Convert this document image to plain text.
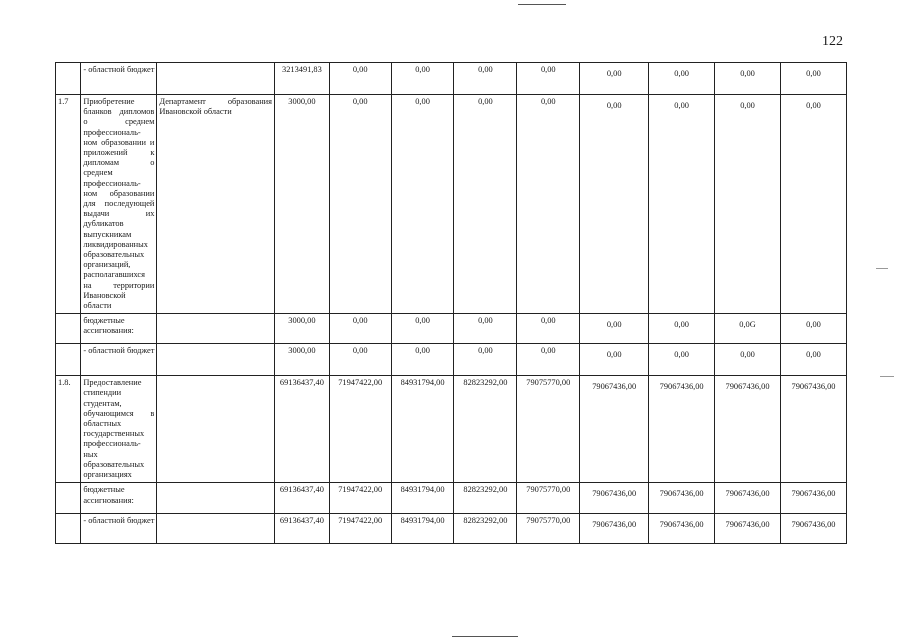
122
	- областной бюджет		3213491,83	0,00	0,00	0,00	0,00	0,00	0,00	0,00	0,00
1.7	Приобретение бланков дипломов о среднем профессиональ-ном образовании и приложений к дипломам о среднем профессиональ-ном образовании для последующей выдачи их дубликатов выпускникам ликвидированных образовательных организаций, располагавшихся на территории Ивановской области	Департамент образования Ивановской области	3000,00	0,00	0,00	0,00	0,00	0,00	0,00	0,00	0,00
	бюджетные ассигнования:		3000,00	0,00	0,00	0,00	0,00	0,00	0,00	0,0G	0,00
	- областной бюджет		3000,00	0,00	0,00	0,00	0,00	0,00	0,00	0,00	0,00
1.8.	Предоставление стипендии студентам, обучающимся в областных государственных профессиональ-ных образовательных организациях		69136437,40	71947422,00	84931794,00	82823292,00	79075770,00	79067436,00	79067436,00	79067436,00	79067436,00
	бюджетные ассигнования:		69136437,40	71947422,00	84931794,00	82823292,00	79075770,00	79067436,00	79067436,00	79067436,00	79067436,00
	- областной бюджет		69136437,40	71947422,00	84931794,00	82823292,00	79075770,00	79067436,00	79067436,00	79067436,00	79067436,00
